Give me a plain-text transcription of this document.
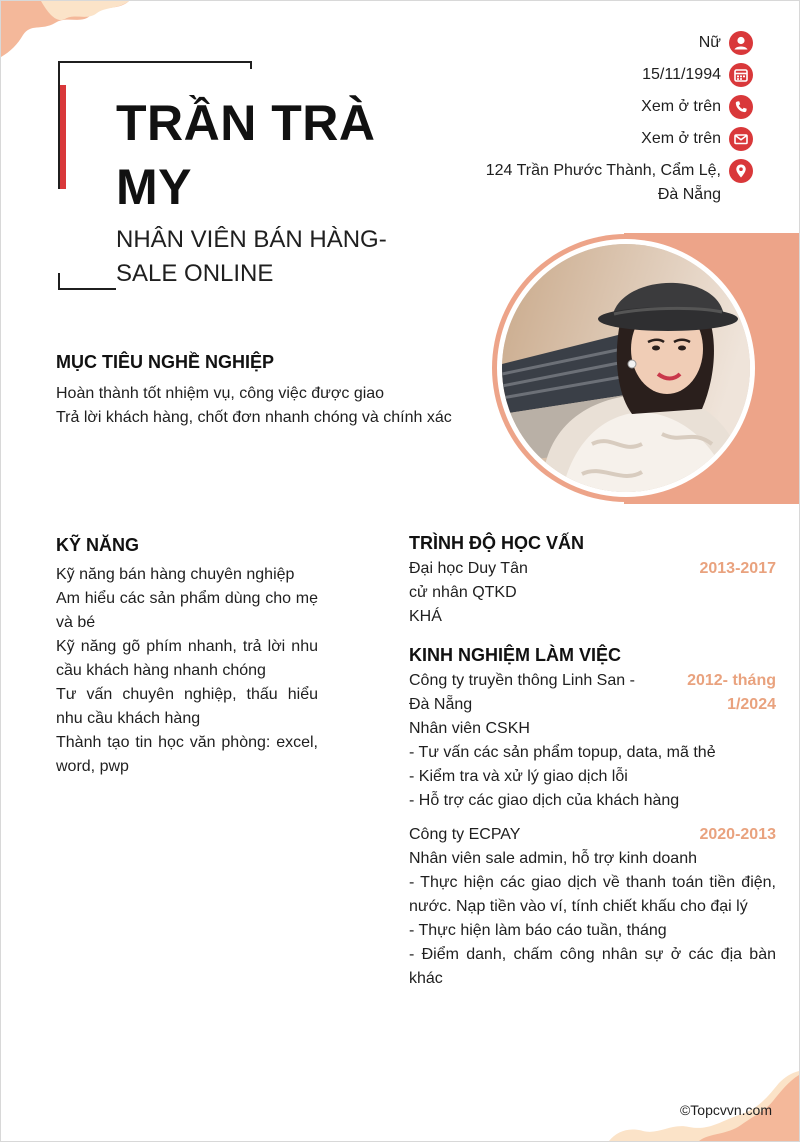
TRẦN TRÀ MY
NHÂN VIÊN BÁN HÀNG-SALE ONLINE
Nữ
15/11/1994
Xem ở trên
Xem ở trên
124 Trần Phước Thành, Cẩm Lệ, Đà Nẵng
MỤC TIÊU NGHỀ NGHIỆP
Hoàn thành tốt nhiệm vụ, công việc được giao
Trả lời khách hàng, chốt đơn nhanh chóng và chính xác
KỸ NĂNG
Kỹ năng bán hàng chuyên nghiệp
Am hiểu các sản phẩm dùng cho mẹ và bé
Kỹ năng gõ phím nhanh, trả lời nhu cầu khách hàng nhanh chóng
Tư vấn chuyên nghiệp, thấu hiểu nhu cầu khách hàng
Thành tạo tin học văn phòng: excel, word, pwp
TRÌNH ĐỘ HỌC VẤN
Đại học Duy Tân	2013-2017
cử nhân QTKD
KHÁ
KINH NGHIỆM LÀM VIỆC
Công ty truyền thông Linh San - Đà Nẵng
2012- tháng 1/2024
Nhân viên CSKH
- Tư vấn các sản phẩm topup, data, mã thẻ
- Kiểm tra và xử lý giao dịch lỗi
- Hỗ trợ các giao dịch của khách hàng
Công ty ECPAY	2020-2013
Nhân viên sale admin, hỗ trợ kinh doanh
- Thực hiện các giao dịch về thanh toán tiền điện, nước. Nạp tiền vào ví, tính chiết khấu cho đại lý
- Thực hiện làm báo cáo tuần, tháng
- Điểm danh, chấm công nhân sự ở các địa bàn khác
©Topcvvn.com
